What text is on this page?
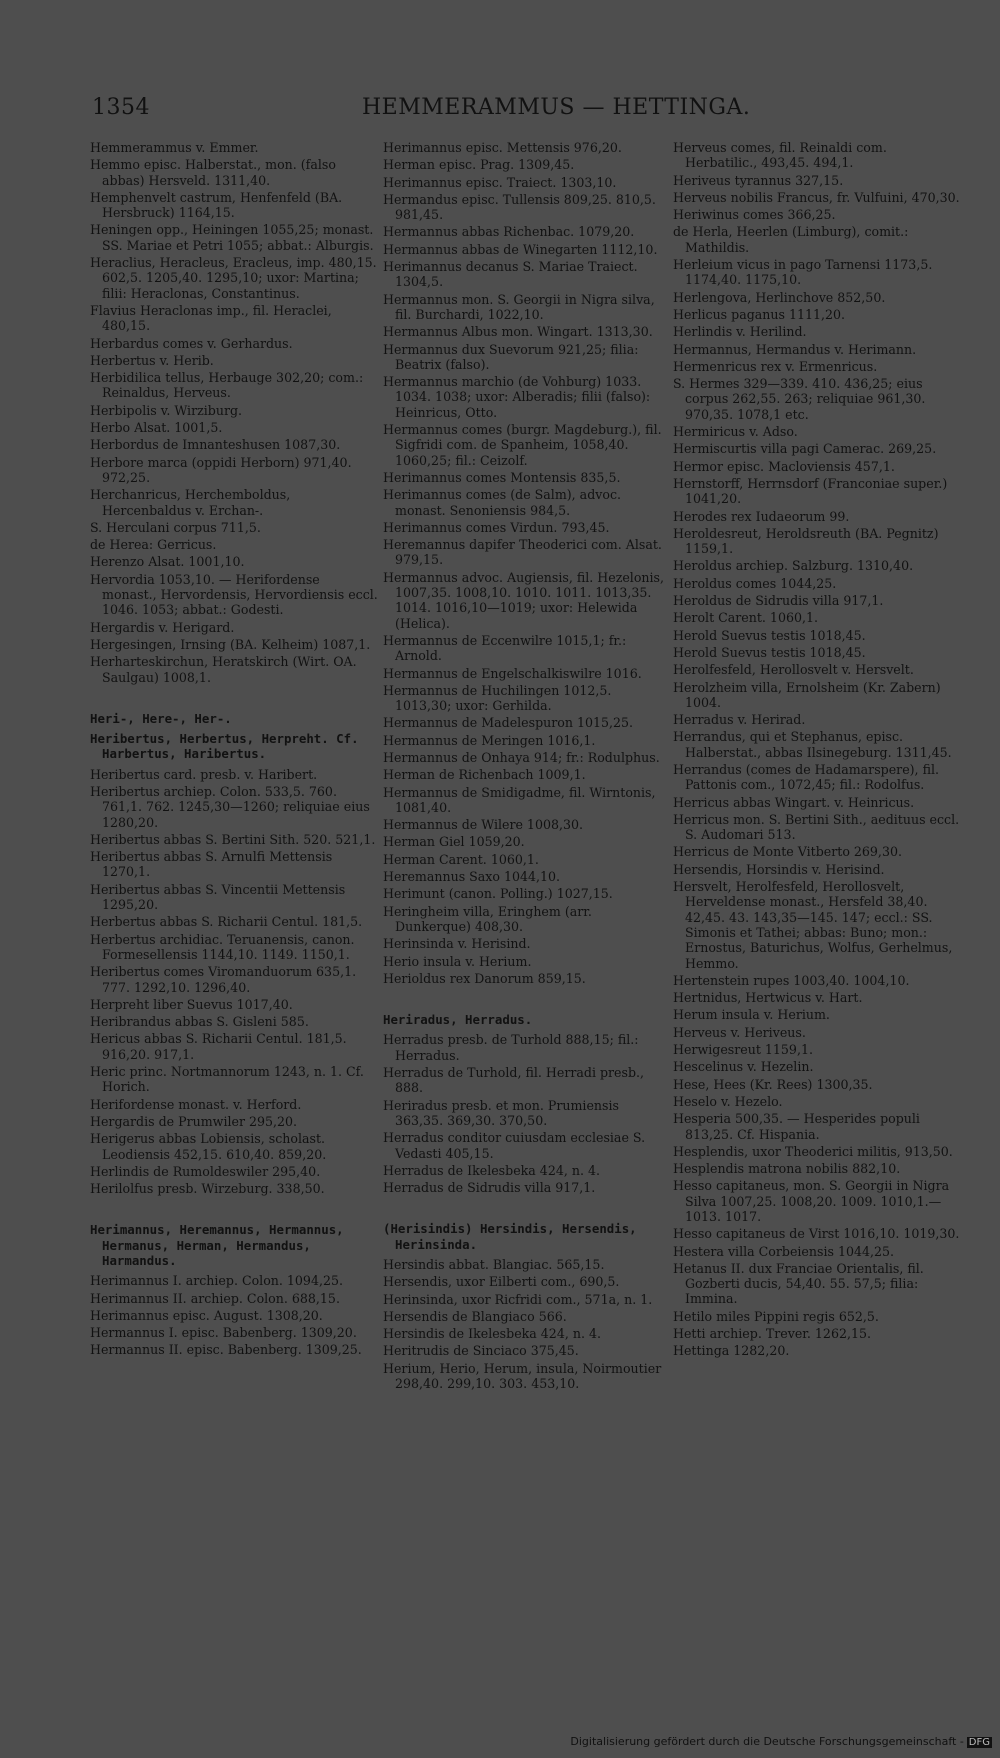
1354	HEMMERAMMUS — HETTINGA.
Hemmerammus v. Emmer.
Hemmo episc. Halberstat., mon. (falso abbas) Hersveld. 1311,40.
Hemphenvelt castrum, Henfenfeld (BA. Hersbruck) 1164,15.
Heningen opp., Heiningen 1055,25; monast. SS. Mariae et Petri 1055; abbat.: Alburgis.
Heraclius, Heracleus, Eracleus, imp. 480,15. 602,5. 1205,40. 1295,10; uxor: Martina; filii: Heraclonas, Constantinus.
Flavius Heraclonas imp., fil. Heraclei, 480,15.
Herbardus comes v. Gerhardus.
Herbertus v. Herib.
Herbidilica tellus, Herbauge 302,20; com.: Reinaldus, Herveus.
Herbipolis v. Wirziburg.
Herbo Alsat. 1001,5.
Herbordus de Imnanteshusen 1087,30.
Herbore marca (oppidi Herborn) 971,40. 972,25.
Herchanricus, Herchemboldus, Hercenbaldus v. Erchan-.
S. Herculani corpus 711,5.
de Herea: Gerricus.
Herenzo Alsat. 1001,10.
Hervordia 1053,10. — Herifordense monast., Hervordensis, Hervordiensis eccl. 1046. 1053; abbat.: Godesti.
Hergardis v. Herigard.
Hergesingen, Irnsing (BA. Kelheim) 1087,1.
Herharteskirchun, Heratskirch (Wirt. OA. Saulgau) 1008,1.
Heri-, Here-, Her-.
Heribertus, Herbertus, Herpreht. Cf. Harbertus, Haribertus.
Heribertus card. presb. v. Haribert.
Heribertus archiep. Colon. 533,5. 760. 761,1. 762. 1245,30—1260; reliquiae eius 1280,20.
Heribertus abbas S. Bertini Sith. 520. 521,1.
Heribertus abbas S. Arnulfi Mettensis 1270,1.
Heribertus abbas S. Vincentii Mettensis 1295,20.
Herbertus abbas S. Richarii Centul. 181,5.
Herbertus archidiac. Teruanensis, canon. Formesellensis 1144,10. 1149. 1150,1.
Heribertus comes Viromanduorum 635,1. 777. 1292,10. 1296,40.
Herpreht liber Suevus 1017,40.
Heribrandus abbas S. Gisleni 585.
Hericus abbas S. Richarii Centul. 181,5. 916,20. 917,1.
Heric princ. Nortmannorum 1243, n. 1. Cf. Horich.
Herifordense monast. v. Herford.
Hergardis de Prumwiler 295,20.
Herigerus abbas Lobiensis, scholast. Leodiensis 452,15. 610,40. 859,20.
Herlindis de Rumoldeswiler 295,40.
Herilolfus presb. Wirzeburg. 338,50.
Herimannus, Heremannus, Hermannus, Hermanus, Herman, Hermandus, Harmandus.
Herimannus I. archiep. Colon. 1094,25.
Herimannus II. archiep. Colon. 688,15.
Herimannus episc. August. 1308,20.
Hermannus I. episc. Babenberg. 1309,20.
Hermannus II. episc. Babenberg. 1309,25.
Herimannus episc. Mettensis 976,20.
Herman episc. Prag. 1309,45.
Herimannus episc. Traiect. 1303,10.
Hermandus episc. Tullensis 809,25. 810,5. 981,45.
Hermannus abbas Richenbac. 1079,20.
Hermannus abbas de Winegarten 1112,10.
Herimannus decanus S. Mariae Traiect. 1304,5.
Hermannus mon. S. Georgii in Nigra silva, fil. Burchardi, 1022,10.
Hermannus Albus mon. Wingart. 1313,30.
Hermannus dux Suevorum 921,25; filia: Beatrix (falso).
Hermannus marchio (de Vohburg) 1033. 1034. 1038; uxor: Alberadis; filii (falso): Heinricus, Otto.
Hermannus comes (burgr. Magdeburg.), fil. Sigfridi com. de Spanheim, 1058,40. 1060,25; fil.: Ceizolf.
Herimannus comes Montensis 835,5.
Herimannus comes (de Salm), advoc. monast. Senoniensis 984,5.
Herimannus comes Virdun. 793,45.
Heremannus dapifer Theoderici com. Alsat. 979,15.
Hermannus advoc. Augiensis, fil. Hezelonis, 1007,35. 1008,10. 1010. 1011. 1013,35. 1014. 1016,10—1019; uxor: Helewida (Helica).
Hermannus de Eccenwilre 1015,1; fr.: Arnold.
Hermannus de Engelschalkiswilre 1016.
Hermannus de Huchilingen 1012,5. 1013,30; uxor: Gerhilda.
Hermannus de Madelespuron 1015,25.
Hermannus de Meringen 1016,1.
Hermannus de Onhaya 914; fr.: Rodulphus.
Herman de Richenbach 1009,1.
Hermannus de Smidigadme, fil. Wirntonis, 1081,40.
Hermannus de Wilere 1008,30.
Herman Giel 1059,20.
Herman Carent. 1060,1.
Heremannus Saxo 1044,10.
Herimunt (canon. Polling.) 1027,15.
Heringheim villa, Eringhem (arr. Dunkerque) 408,30.
Herinsinda v. Herisind.
Herio insula v. Herium.
Herioldus rex Danorum 859,15.
Heriradus, Herradus.
Herradus presb. de Turhold 888,15; fil.: Herradus.
Herradus de Turhold, fil. Herradi presb., 888.
Heriradus presb. et mon. Prumiensis 363,35. 369,30. 370,50.
Herradus conditor cuiusdam ecclesiae S. Vedasti 405,15.
Herradus de Ikelesbeka 424, n. 4.
Herradus de Sidrudis villa 917,1.
(Herisindis) Hersindis, Hersendis, Herinsinda.
Hersindis abbat. Blangiac. 565,15.
Hersendis, uxor Eilberti com., 690,5.
Herinsinda, uxor Ricfridi com., 571a, n. 1.
Hersendis de Blangiaco 566.
Hersindis de Ikelesbeka 424, n. 4.
Heritrudis de Sinciaco 375,45.
Herium, Herio, Herum, insula, Noirmoutier 298,40. 299,10. 303. 453,10.
Herveus comes, fil. Reinaldi com. Herbatilic., 493,45. 494,1.
Heriveus tyrannus 327,15.
Herveus nobilis Francus, fr. Vulfuini, 470,30.
Heriwinus comes 366,25.
de Herla, Heerlen (Limburg), comit.: Mathildis.
Herleium vicus in pago Tarnensi 1173,5. 1174,40. 1175,10.
Herlengova, Herlinchove 852,50.
Herlicus paganus 1111,20.
Herlindis v. Herilind.
Hermannus, Hermandus v. Herimann.
Hermenricus rex v. Ermenricus.
S. Hermes 329—339. 410. 436,25; eius corpus 262,55. 263; reliquiae 961,30. 970,35. 1078,1 etc.
Hermiricus v. Adso.
Hermiscurtis villa pagi Camerac. 269,25.
Hermor episc. Macloviensis 457,1.
Hernstorff, Herrnsdorf (Franconiae super.) 1041,20.
Herodes rex Iudaeorum 99.
Heroldesreut, Heroldsreuth (BA. Pegnitz) 1159,1.
Heroldus archiep. Salzburg. 1310,40.
Heroldus comes 1044,25.
Heroldus de Sidrudis villa 917,1.
Herolt Carent. 1060,1.
Herold Suevus testis 1018,45.
Herold Suevus testis 1018,45.
Herolfesfeld, Herollosvelt v. Hersvelt.
Herolzheim villa, Ernolsheim (Kr. Zabern) 1004.
Herradus v. Herirad.
Herrandus, qui et Stephanus, episc. Halberstat., abbas Ilsinegeburg. 1311,45.
Herrandus (comes de Hadamarspere), fil. Pattonis com., 1072,45; fil.: Rodolfus.
Herricus abbas Wingart. v. Heinricus.
Herricus mon. S. Bertini Sith., aedituus eccl. S. Audomari 513.
Herricus de Monte Vitberto 269,30.
Hersendis, Horsindis v. Herisind.
Hersvelt, Herolfesfeld, Herollosvelt, Herveldense monast., Hersfeld 38,40. 42,45. 43. 143,35—145. 147; eccl.: SS. Simonis et Tathei; abbas: Buno; mon.: Ernostus, Baturichus, Wolfus, Gerhelmus, Hemmo.
Hertenstein rupes 1003,40. 1004,10.
Hertnidus, Hertwicus v. Hart.
Herum insula v. Herium.
Herveus v. Heriveus.
Herwigesreut 1159,1.
Hescelinus v. Hezelin.
Hese, Hees (Kr. Rees) 1300,35.
Heselo v. Hezelo.
Hesperia 500,35. — Hesperides populi 813,25. Cf. Hispania.
Hesplendis, uxor Theoderici militis, 913,50.
Hesplendis matrona nobilis 882,10.
Hesso capitaneus, mon. S. Georgii in Nigra Silva 1007,25. 1008,20. 1009. 1010,1.—1013. 1017.
Hesso capitaneus de Virst 1016,10. 1019,30.
Hestera villa Corbeiensis 1044,25.
Hetanus II. dux Franciae Orientalis, fil. Gozberti ducis, 54,40. 55. 57,5; filia: Immina.
Hetilo miles Pippini regis 652,5.
Hetti archiep. Trever. 1262,15.
Hettinga 1282,20.
Digitalisierung gefördert durch die Deutsche Forschungsgemeinschaft - DFG
